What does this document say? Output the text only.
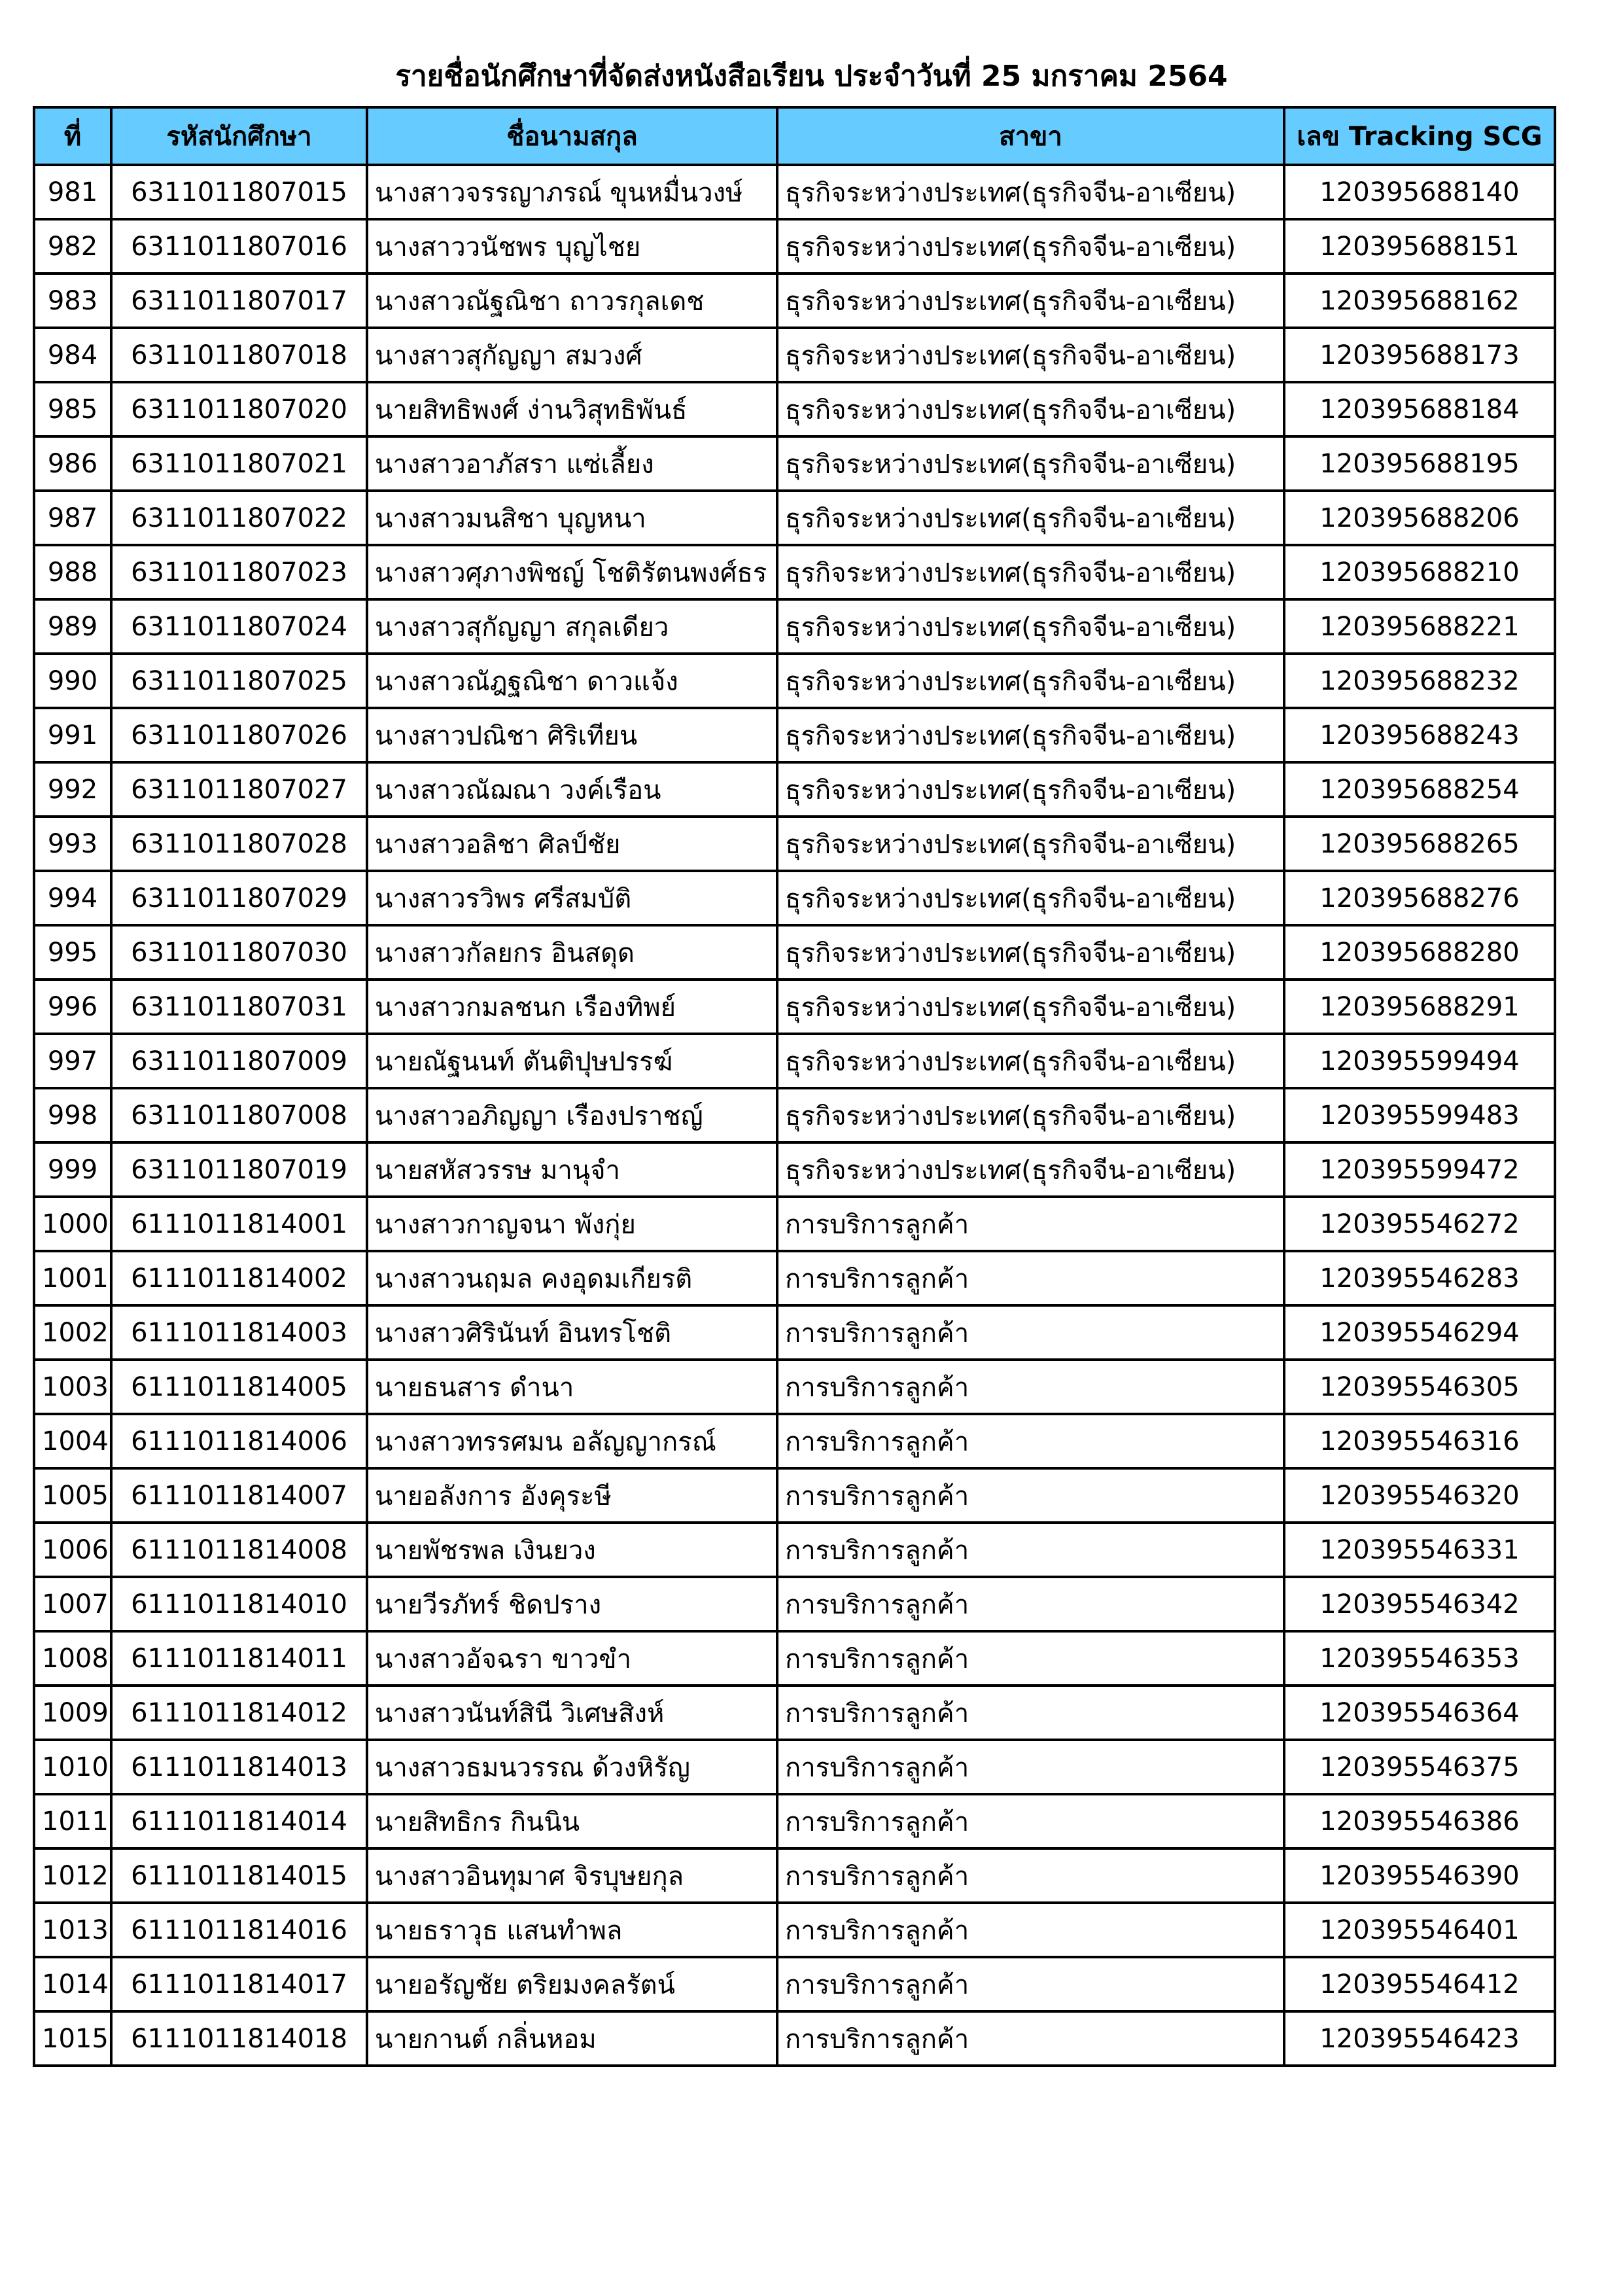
รายชื่อนักศึกษาที่จัดส่งหนังสือเรียน ประจำวันที่ 25 มกราคม 2564
ที่	รหัสนักศึกษา	ชื่อนามสกุล	สาขา	เลข Tracking SCG
981	6311011807015	นางสาวจรรญาภรณ์ ขุนหมื่นวงษ์	ธุรกิจระหว่างประเทศ(ธุรกิจจีน-อาเซียน)	120395688140
982	6311011807016	นางสาววนัชพร บุญไชย	ธุรกิจระหว่างประเทศ(ธุรกิจจีน-อาเซียน)	120395688151
983	6311011807017	นางสาวณัฐณิชา ถาวรกุลเดช	ธุรกิจระหว่างประเทศ(ธุรกิจจีน-อาเซียน)	120395688162
984	6311011807018	นางสาวสุกัญญา สมวงศ์	ธุรกิจระหว่างประเทศ(ธุรกิจจีน-อาเซียน)	120395688173
985	6311011807020	นายสิทธิพงศ์ ง่านวิสุทธิพันธ์	ธุรกิจระหว่างประเทศ(ธุรกิจจีน-อาเซียน)	120395688184
986	6311011807021	นางสาวอาภัสรา แซ่เลี้ยง	ธุรกิจระหว่างประเทศ(ธุรกิจจีน-อาเซียน)	120395688195
987	6311011807022	นางสาวมนสิชา บุญหนา	ธุรกิจระหว่างประเทศ(ธุรกิจจีน-อาเซียน)	120395688206
988	6311011807023	นางสาวศุภางพิชญ์ โชติรัตนพงศ์ธร	ธุรกิจระหว่างประเทศ(ธุรกิจจีน-อาเซียน)	120395688210
989	6311011807024	นางสาวสุกัญญา สกุลเดียว	ธุรกิจระหว่างประเทศ(ธุรกิจจีน-อาเซียน)	120395688221
990	6311011807025	นางสาวณัฎฐณิชา ดาวแจ้ง	ธุรกิจระหว่างประเทศ(ธุรกิจจีน-อาเซียน)	120395688232
991	6311011807026	นางสาวปณิชา ศิริเทียน	ธุรกิจระหว่างประเทศ(ธุรกิจจีน-อาเซียน)	120395688243
992	6311011807027	นางสาวณัฌณา วงค์เรือน	ธุรกิจระหว่างประเทศ(ธุรกิจจีน-อาเซียน)	120395688254
993	6311011807028	นางสาวอลิชา ศิลป์ชัย	ธุรกิจระหว่างประเทศ(ธุรกิจจีน-อาเซียน)	120395688265
994	6311011807029	นางสาวรวิพร ศรีสมบัติ	ธุรกิจระหว่างประเทศ(ธุรกิจจีน-อาเซียน)	120395688276
995	6311011807030	นางสาวกัลยกร อินสดุด	ธุรกิจระหว่างประเทศ(ธุรกิจจีน-อาเซียน)	120395688280
996	6311011807031	นางสาวกมลชนก เรืองทิพย์	ธุรกิจระหว่างประเทศ(ธุรกิจจีน-อาเซียน)	120395688291
997	6311011807009	นายณัฐนนท์ ตันติปุษปรรฆ์	ธุรกิจระหว่างประเทศ(ธุรกิจจีน-อาเซียน)	120395599494
998	6311011807008	นางสาวอภิญญา เรืองปราชญ์	ธุรกิจระหว่างประเทศ(ธุรกิจจีน-อาเซียน)	120395599483
999	6311011807019	นายสหัสวรรษ มานุจำ	ธุรกิจระหว่างประเทศ(ธุรกิจจีน-อาเซียน)	120395599472
1000	6111011814001	นางสาวกาญจนา พังกุ่ย	การบริการลูกค้า	120395546272
1001	6111011814002	นางสาวนฤมล คงอุดมเกียรติ	การบริการลูกค้า	120395546283
1002	6111011814003	นางสาวศิรินันท์ อินทรโชติ	การบริการลูกค้า	120395546294
1003	6111011814005	นายธนสาร ดำนา	การบริการลูกค้า	120395546305
1004	6111011814006	นางสาวทรรศมน อลัญญากรณ์	การบริการลูกค้า	120395546316
1005	6111011814007	นายอลังการ อังคุระษี	การบริการลูกค้า	120395546320
1006	6111011814008	นายพัชรพล เงินยวง	การบริการลูกค้า	120395546331
1007	6111011814010	นายวีรภัทร์ ชิดปราง	การบริการลูกค้า	120395546342
1008	6111011814011	นางสาวอัจฉรา ขาวขำ	การบริการลูกค้า	120395546353
1009	6111011814012	นางสาวนันท์สินี วิเศษสิงห์	การบริการลูกค้า	120395546364
1010	6111011814013	นางสาวธมนวรรณ ด้วงหิรัญ	การบริการลูกค้า	120395546375
1011	6111011814014	นายสิทธิกร กินนิน	การบริการลูกค้า	120395546386
1012	6111011814015	นางสาวอินทุมาศ จิรบุษยกุล	การบริการลูกค้า	120395546390
1013	6111011814016	นายธราวุธ แสนทำพล	การบริการลูกค้า	120395546401
1014	6111011814017	นายอรัญชัย ตริยมงคลรัตน์	การบริการลูกค้า	120395546412
1015	6111011814018	นายกานต์ กลิ่นหอม	การบริการลูกค้า	120395546423
